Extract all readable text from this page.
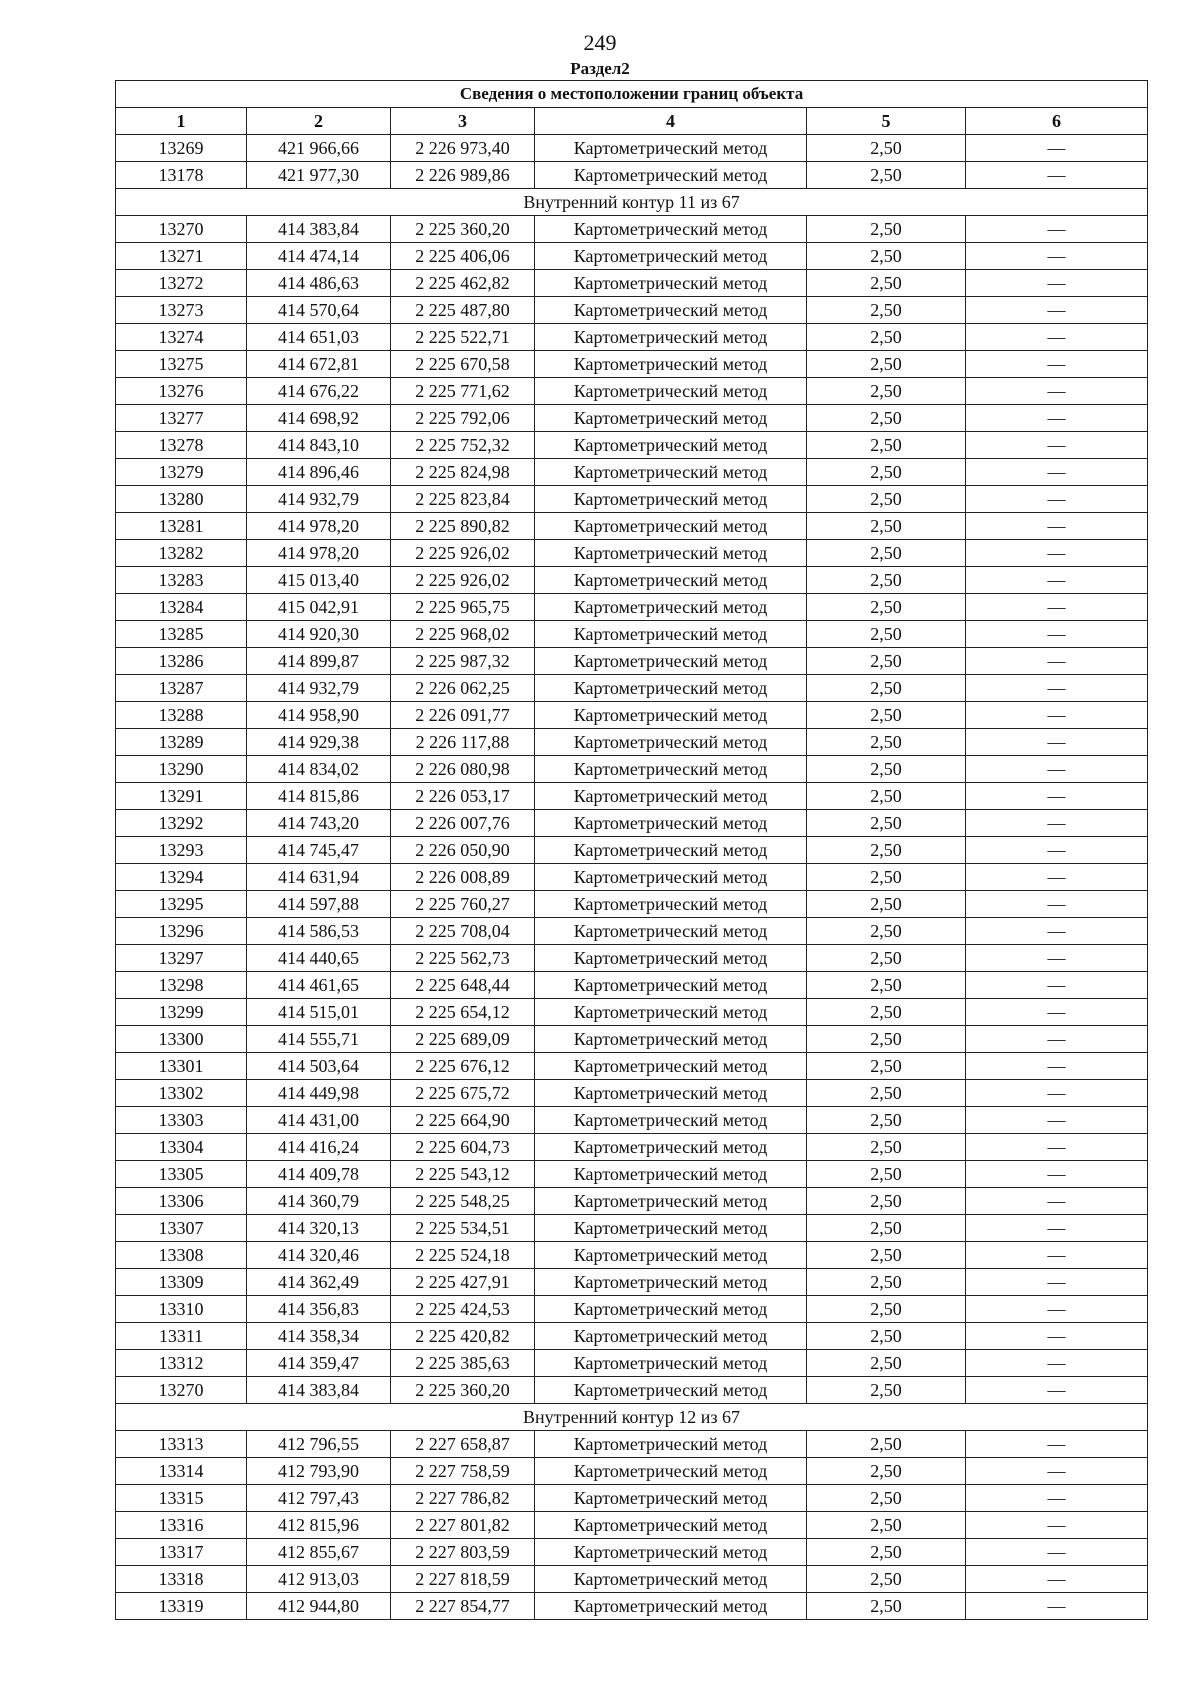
249
Раздел2
Сведения о местоположении границ объекта					
1	2	3	4	5	6
13269	421 966,66	2 226 973,40	Картометрический метод	2,50	—
13178	421 977,30	2 226 989,86	Картометрический метод	2,50	—
Внутренний контур 11 из 67					
13270	414 383,84	2 225 360,20	Картометрический метод	2,50	—
13271	414 474,14	2 225 406,06	Картометрический метод	2,50	—
13272	414 486,63	2 225 462,82	Картометрический метод	2,50	—
13273	414 570,64	2 225 487,80	Картометрический метод	2,50	—
13274	414 651,03	2 225 522,71	Картометрический метод	2,50	—
13275	414 672,81	2 225 670,58	Картометрический метод	2,50	—
13276	414 676,22	2 225 771,62	Картометрический метод	2,50	—
13277	414 698,92	2 225 792,06	Картометрический метод	2,50	—
13278	414 843,10	2 225 752,32	Картометрический метод	2,50	—
13279	414 896,46	2 225 824,98	Картометрический метод	2,50	—
13280	414 932,79	2 225 823,84	Картометрический метод	2,50	—
13281	414 978,20	2 225 890,82	Картометрический метод	2,50	—
13282	414 978,20	2 225 926,02	Картометрический метод	2,50	—
13283	415 013,40	2 225 926,02	Картометрический метод	2,50	—
13284	415 042,91	2 225 965,75	Картометрический метод	2,50	—
13285	414 920,30	2 225 968,02	Картометрический метод	2,50	—
13286	414 899,87	2 225 987,32	Картометрический метод	2,50	—
13287	414 932,79	2 226 062,25	Картометрический метод	2,50	—
13288	414 958,90	2 226 091,77	Картометрический метод	2,50	—
13289	414 929,38	2 226 117,88	Картометрический метод	2,50	—
13290	414 834,02	2 226 080,98	Картометрический метод	2,50	—
13291	414 815,86	2 226 053,17	Картометрический метод	2,50	—
13292	414 743,20	2 226 007,76	Картометрический метод	2,50	—
13293	414 745,47	2 226 050,90	Картометрический метод	2,50	—
13294	414 631,94	2 226 008,89	Картометрический метод	2,50	—
13295	414 597,88	2 225 760,27	Картометрический метод	2,50	—
13296	414 586,53	2 225 708,04	Картометрический метод	2,50	—
13297	414 440,65	2 225 562,73	Картометрический метод	2,50	—
13298	414 461,65	2 225 648,44	Картометрический метод	2,50	—
13299	414 515,01	2 225 654,12	Картометрический метод	2,50	—
13300	414 555,71	2 225 689,09	Картометрический метод	2,50	—
13301	414 503,64	2 225 676,12	Картометрический метод	2,50	—
13302	414 449,98	2 225 675,72	Картометрический метод	2,50	—
13303	414 431,00	2 225 664,90	Картометрический метод	2,50	—
13304	414 416,24	2 225 604,73	Картометрический метод	2,50	—
13305	414 409,78	2 225 543,12	Картометрический метод	2,50	—
13306	414 360,79	2 225 548,25	Картометрический метод	2,50	—
13307	414 320,13	2 225 534,51	Картометрический метод	2,50	—
13308	414 320,46	2 225 524,18	Картометрический метод	2,50	—
13309	414 362,49	2 225 427,91	Картометрический метод	2,50	—
13310	414 356,83	2 225 424,53	Картометрический метод	2,50	—
13311	414 358,34	2 225 420,82	Картометрический метод	2,50	—
13312	414 359,47	2 225 385,63	Картометрический метод	2,50	—
13270	414 383,84	2 225 360,20	Картометрический метод	2,50	—
Внутренний контур 12 из 67					
13313	412 796,55	2 227 658,87	Картометрический метод	2,50	—
13314	412 793,90	2 227 758,59	Картометрический метод	2,50	—
13315	412 797,43	2 227 786,82	Картометрический метод	2,50	—
13316	412 815,96	2 227 801,82	Картометрический метод	2,50	—
13317	412 855,67	2 227 803,59	Картометрический метод	2,50	—
13318	412 913,03	2 227 818,59	Картометрический метод	2,50	—
13319	412 944,80	2 227 854,77	Картометрический метод	2,50	—
